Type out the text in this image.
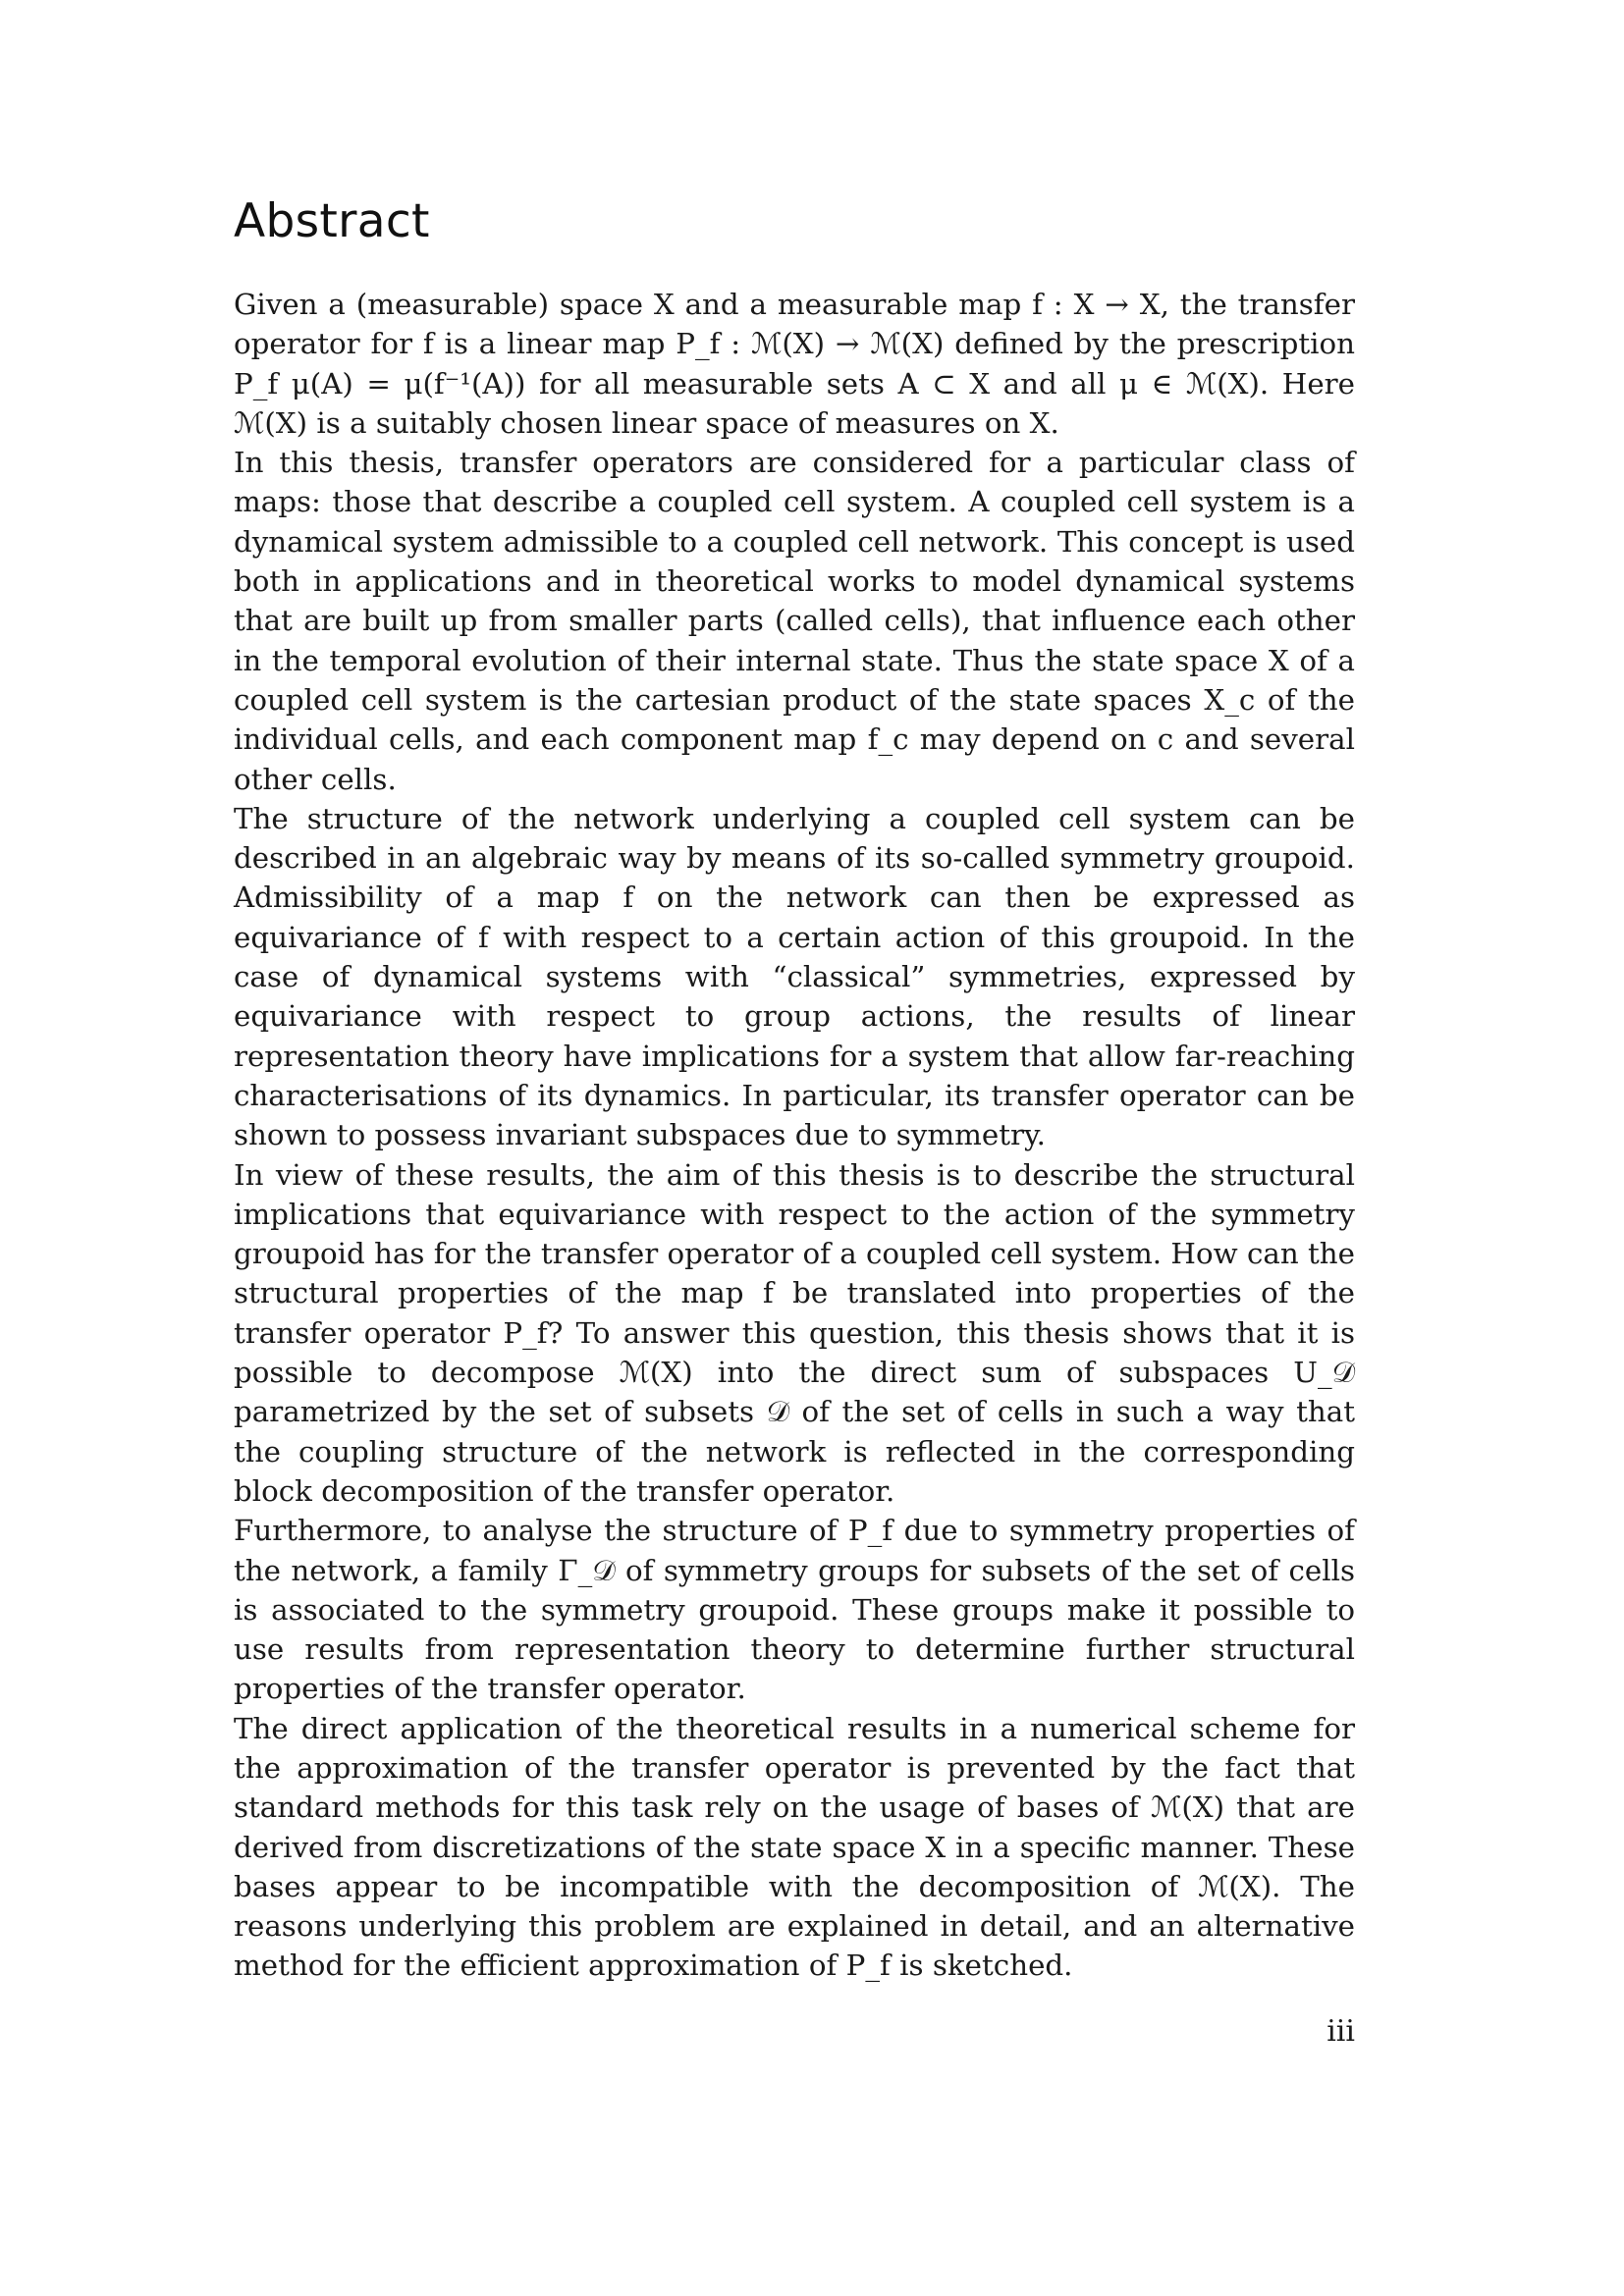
Abstract

Given a (measurable) space X and a measurable map f : X → X, the transfer operator for f is a linear map P_f : ℳ(X) → ℳ(X) defined by the prescription P_f μ(A) = μ(f⁻¹(A)) for all measurable sets A ⊂ X and all μ ∈ ℳ(X). Here ℳ(X) is a suitably chosen linear space of measures on X.

In this thesis, transfer operators are considered for a particular class of maps: those that describe a coupled cell system. A coupled cell system is a dynamical system admissible to a coupled cell network. This concept is used both in applications and in theoretical works to model dynamical systems that are built up from smaller parts (called cells), that influence each other in the temporal evolution of their internal state. Thus the state space X of a coupled cell system is the cartesian product of the state spaces X_c of the individual cells, and each component map f_c may depend on c and several other cells.

The structure of the network underlying a coupled cell system can be described in an algebraic way by means of its so-called symmetry groupoid. Admissibility of a map f on the network can then be expressed as equivariance of f with respect to a certain action of this groupoid. In the case of dynamical systems with “classical” symmetries, expressed by equivariance with respect to group actions, the results of linear representation theory have implications for a system that allow far-reaching characterisations of its dynamics. In particular, its transfer operator can be shown to possess invariant subspaces due to symmetry.

In view of these results, the aim of this thesis is to describe the structural implications that equivariance with respect to the action of the symmetry groupoid has for the transfer operator of a coupled cell system. How can the structural properties of the map f be translated into properties of the transfer operator P_f? To answer this question, this thesis shows that it is possible to decompose ℳ(X) into the direct sum of subspaces U_𝒟 parametrized by the set of subsets 𝒟 of the set of cells in such a way that the coupling structure of the network is reflected in the corresponding block decomposition of the transfer operator.

Furthermore, to analyse the structure of P_f due to symmetry properties of the network, a family Γ_𝒟 of symmetry groups for subsets of the set of cells is associated to the symmetry groupoid. These groups make it possible to use results from representation theory to determine further structural properties of the transfer operator.

The direct application of the theoretical results in a numerical scheme for the approximation of the transfer operator is prevented by the fact that standard methods for this task rely on the usage of bases of ℳ(X) that are derived from discretizations of the state space X in a specific manner. These bases appear to be incompatible with the decomposition of ℳ(X). The reasons underlying this problem are explained in detail, and an alternative method for the efficient approximation of P_f is sketched.

iii
